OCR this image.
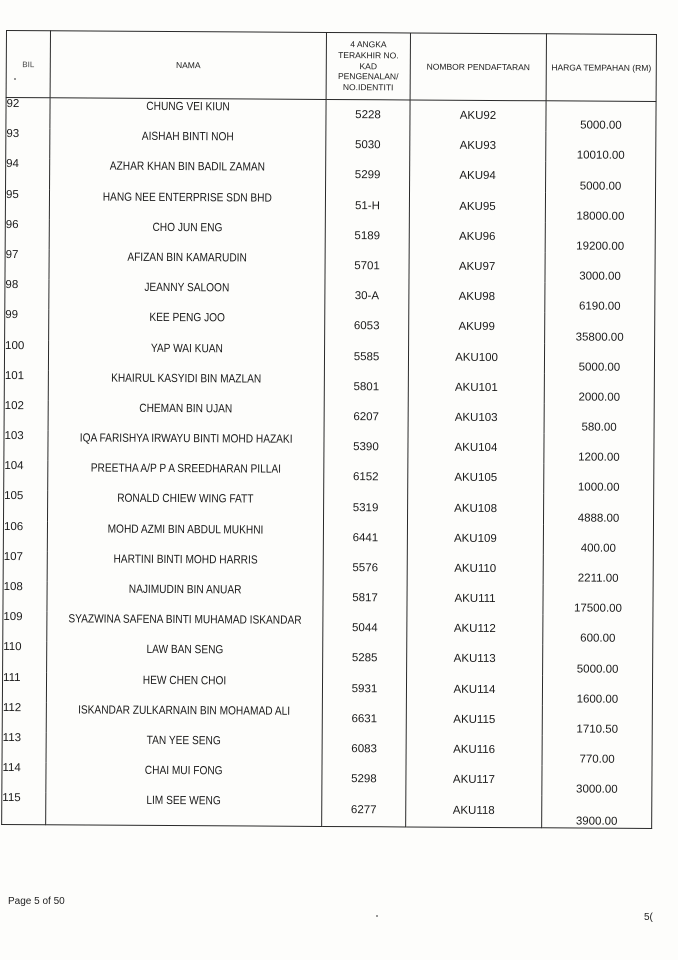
BIL	NAMA	4 ANGKA TERAKHIR NO. KAD PENGENALAN/ NO.IDENTITI	NOMBOR PENDAFTARAN	HARGA TEMPAHAN (RM)
92	CHUNG VEI KIUN	5228	AKU92	5000.00
93	AISHAH BINTI NOH	5030	AKU93	10010.00
94	AZHAR KHAN BIN BADIL ZAMAN	5299	AKU94	5000.00
95	HANG NEE ENTERPRISE SDN BHD	51-H	AKU95	18000.00
96	CHO JUN ENG	5189	AKU96	19200.00
97	AFIZAN BIN KAMARUDIN	5701	AKU97	3000.00
98	JEANNY SALOON	30-A	AKU98	6190.00
99	KEE PENG JOO	6053	AKU99	35800.00
100	YAP WAI KUAN	5585	AKU100	5000.00
101	KHAIRUL KASYIDI BIN MAZLAN	5801	AKU101	2000.00
102	CHEMAN BIN UJAN	6207	AKU103	580.00
103	IQA FARISHYA IRWAYU BINTI MOHD HAZAKI	5390	AKU104	1200.00
104	PREETHA A/P P A SREEDHARAN PILLAI	6152	AKU105	1000.00
105	RONALD CHIEW WING FATT	5319	AKU108	4888.00
106	MOHD AZMI BIN ABDUL MUKHNI	6441	AKU109	400.00
107	HARTINI BINTI MOHD HARRIS	5576	AKU110	2211.00
108	NAJIMUDIN BIN ANUAR	5817	AKU111	17500.00
109	SYAZWINA SAFENA BINTI MUHAMAD ISKANDAR	5044	AKU112	600.00
110	LAW BAN SENG	5285	AKU113	5000.00
111	HEW CHEN CHOI	5931	AKU114	1600.00
112	ISKANDAR ZULKARNAIN BIN MOHAMAD ALI	6631	AKU115	1710.50
113	TAN YEE SENG	6083	AKU116	770.00
114	CHAI MUI FONG	5298	AKU117	3000.00
115	LIM SEE WENG	6277	AKU118	3900.00
Page 5 of 50
5(
